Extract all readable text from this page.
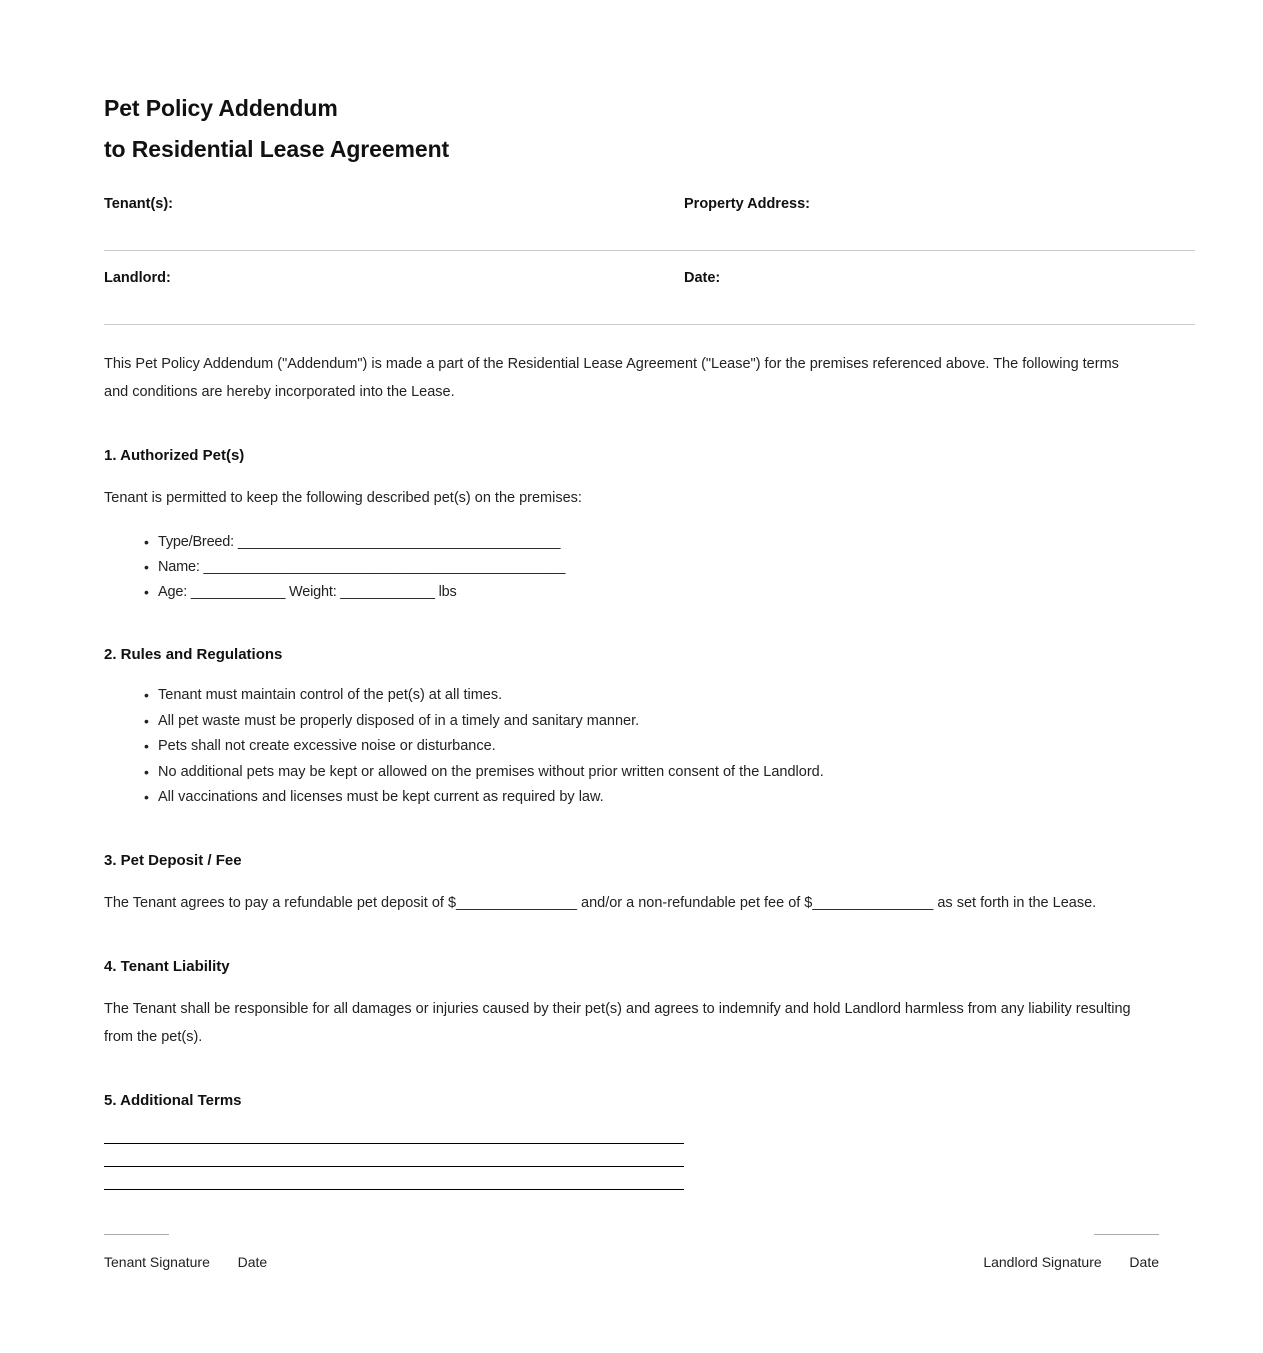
Pet Policy Addendum
to Residential Lease Agreement
Tenant(s):	Property Address:
Landlord:	Date:

This Pet Policy Addendum ("Addendum") is made a part of the Residential Lease Agreement ("Lease") for the premises referenced above. The following terms and conditions are hereby incorporated into the Lease.

1. Authorized Pet(s)

Tenant is permitted to keep the following described pet(s) on the premises:

• Type/Breed: _________________________________________
• Name: ______________________________________________
• Age: ____________ Weight: ____________ lbs
2. Rules and Regulations
• Tenant must maintain control of the pet(s) at all times.
• All pet waste must be properly disposed of in a timely and sanitary manner.
• Pets shall not create excessive noise or disturbance.
• No additional pets may be kept or allowed on the premises without prior written consent of the Landlord.
• All vaccinations and licenses must be kept current as required by law.
3. Pet Deposit / Fee

The Tenant agrees to pay a refundable pet deposit of $_______________ and/or a non-refundable pet fee of $_______________ as set forth in the Lease.

4. Tenant Liability

The Tenant shall be responsible for all damages or injuries caused by their pet(s) and agrees to indemnify and hold Landlord harmless from any liability resulting from the pet(s).

5. Additional Terms
Tenant Signature Date	Landlord Signature Date
